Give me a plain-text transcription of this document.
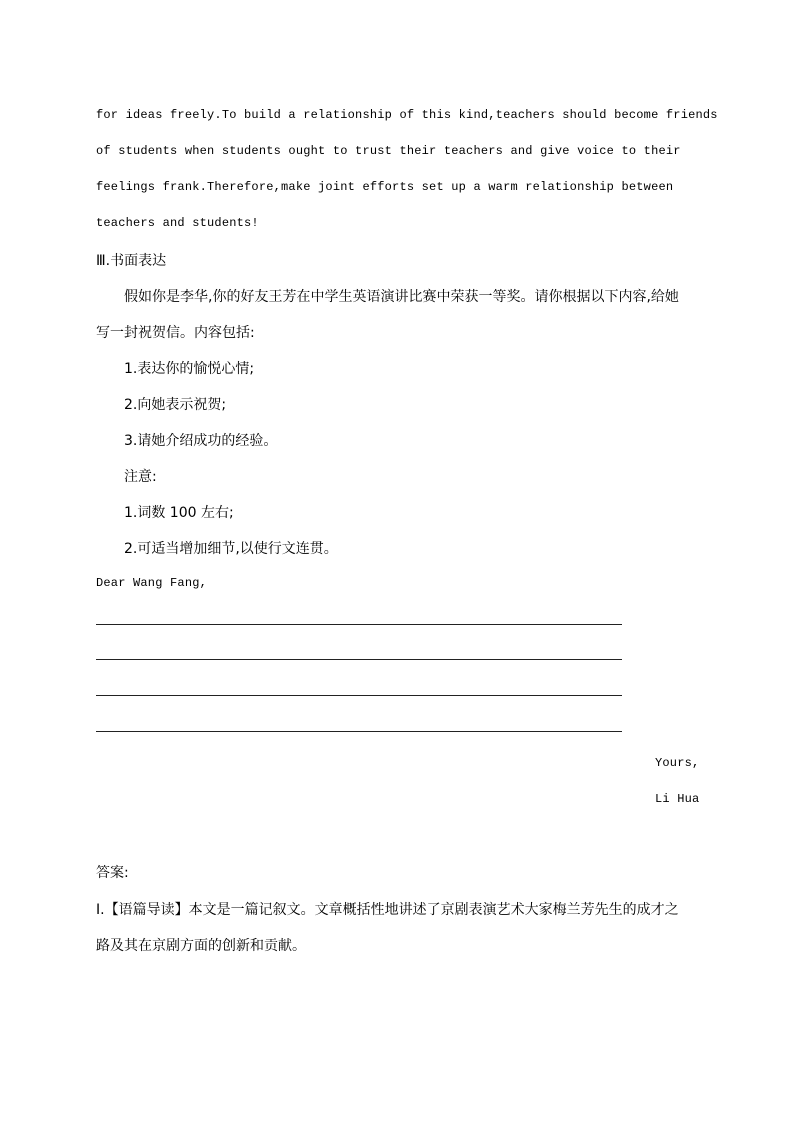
for ideas freely.To build a relationship of this kind,teachers should become friends
of students when students ought to trust their teachers and give voice to their
feelings frank.Therefore,make joint efforts set up a warm relationship between
teachers and students!
Ⅲ.书面表达
假如你是李华,你的好友王芳在中学生英语演讲比赛中荣获一等奖。请你根据以下内容,给她
写一封祝贺信。内容包括:
1.表达你的愉悦心情;
2.向她表示祝贺;
3.请她介绍成功的经验。
注意:
1.词数 100 左右;
2.可适当增加细节,以使行文连贯。
Dear Wang Fang,
Yours,
Li Hua
答案:
Ⅰ.【语篇导读】本文是一篇记叙文。文章概括性地讲述了京剧表演艺术大家梅兰芳先生的成才之
路及其在京剧方面的创新和贡献。
